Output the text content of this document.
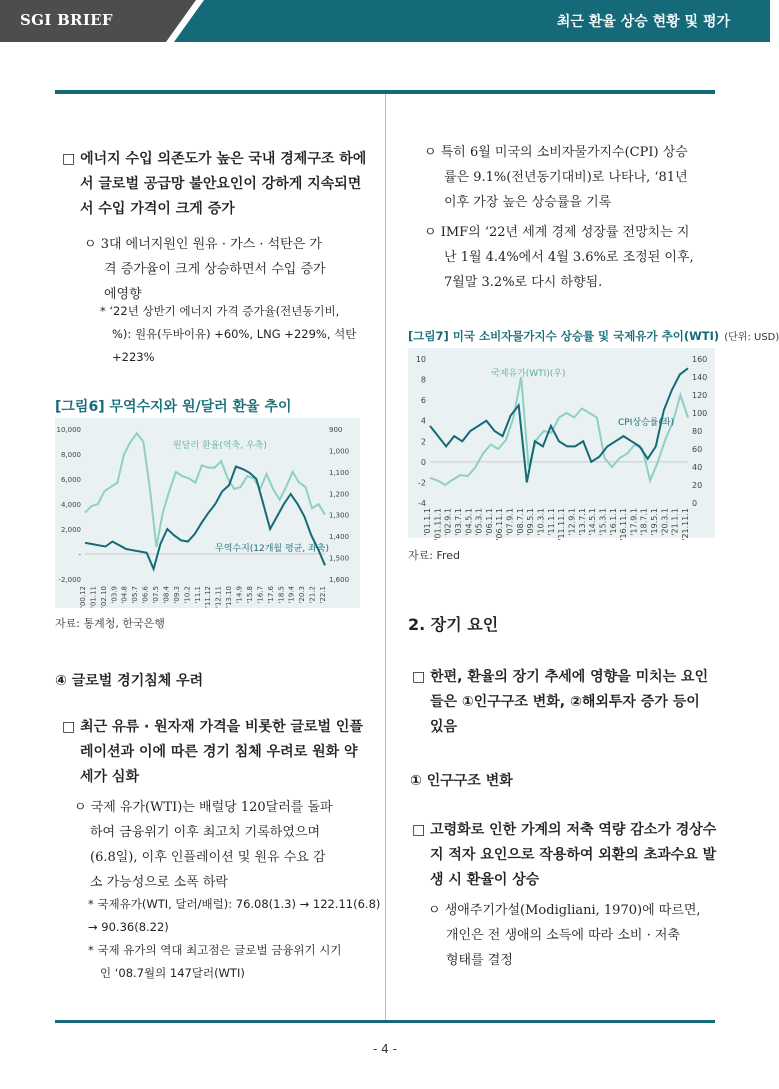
SGI BRIEF	최근 환율 상승 현황 및 평가
□ 에너지 수입 의존도가 높은 국내 경제구조 하에
서 글로벌 공급망 불안요인이 강하게 지속되면
서 수입 가격이 크게 증가
ㅇ 3대 에너지원인 원유 · 가스 · 석탄은 가
격 증가율이 크게 상승하면서 수입 증가
에영향
* ‘22년 상반기 에너지 가격 증가율(전년동기비,
%): 원유(두바이유) +60%, LNG +229%, 석탄
+223%
[그림6] 무역수지와 원/달러 환율 추이
10,000
8,000
6,000
4,000
2,000
-
-2,000
900
1,000
1,100
1,200
1,300
1,400
1,500
1,600
'00.12 '01.11 '02.10 '03.9 '04.8 '05.7 '06.6 '07.5 '08.4 '09.3 '10.2 '11.1 '11.12 '12.11 '13.10 '14.9 '15.8 '16.7 '17.6 '18.5 '19.4 '20.3 '21.2 '22.1
원달러 환율(역축, 우축)
무역수지(12개월 평균, 좌축)
자료: 통계청, 한국은행
④ 글로벌 경기침체 우려
□ 최근 유류 · 원자재 가격을 비롯한 글로벌 인플
레이션과 이에 따른 경기 침체 우려로 원화 약
세가 심화
ㅇ 국제 유가(WTI)는 배럴당 120달러를 돌파
하여 금융위기 이후 최고치 기록하였으며
(6.8일), 이후 인플레이션 및 원유 수요 감
소 가능성으로 소폭 하락
* 국제유가(WTI, 달러/배럴): 76.08(1.3) → 122.11(6.8)
→ 90.36(8.22)
* 국제 유가의 역대 최고점은 글로벌 금융위기 시기
인 ‘08.7월의 147달러(WTI)
ㅇ 특히 6월 미국의 소비자물가지수(CPI) 상승
률은 9.1%(전년동기대비)로 나타나, ‘81년
이후 가장 높은 상승률을 기록
ㅇ IMF의 ‘22년 세계 경제 성장률 전망치는 지
난 1월 4.4%에서 4월 3.6%로 조정된 이후,
7월말 3.2%로 다시 하향됨.
[그림7] 미국 소비자물가지수 상승률 및 국제유가 추이(WTI) (단위: USD)
10
8
6
4
2
0
-2
-4
160
140
120
100
80
60
40
20
0
'01.1.1 '01.11.1 '02.9.1 '03.7.1 '04.5.1 '05.3.1 '06.1.1 '06.11.1 '07.9.1 '08.7.1 '09.5.1 '10.3.1 '11.1.1 '11.11.1 '12.9.1 '13.7.1 '14.5.1 '15.3.1 '16.1.1 '16.11.1 '17.9.1 '18.7.1 '19.5.1 '20.3.1 '21.1.1 '21.11.1
국제유가(WTI)(우)
CPI상승률(좌)
자료: Fred
2. 장기 요인
□ 한편, 환율의 장기 추세에 영향을 미치는 요인
들은 ①인구구조 변화, ②해외투자 증가 등이
있음
① 인구구조 변화
□ 고령화로 인한 가계의 저축 역량 감소가 경상수
지 적자 요인으로 작용하여 외환의 초과수요 발
생 시 환율이 상승
ㅇ 생애주기가설(Modigliani, 1970)에 따르면,
개인은 전 생애의 소득에 따라 소비 · 저축
형태를 결정
- 4 -
